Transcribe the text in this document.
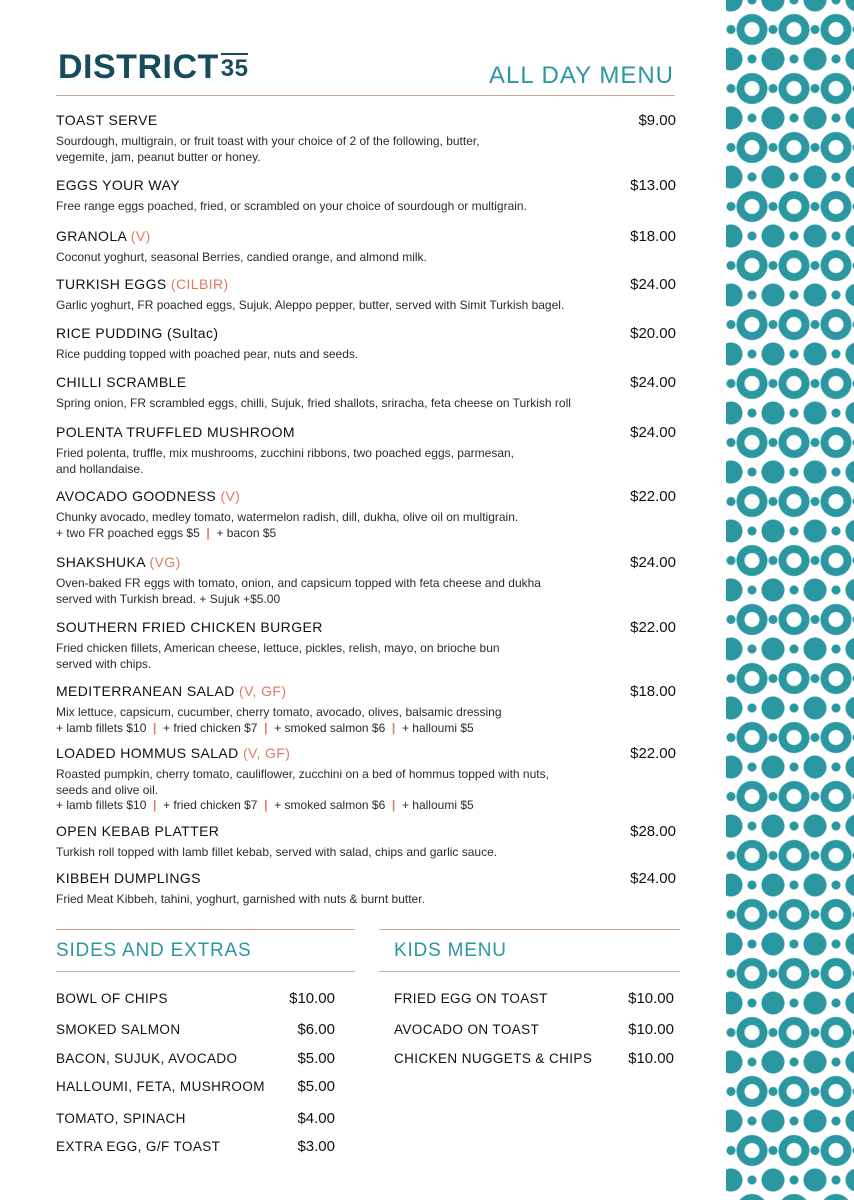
DISTRICT35	ALL DAY MENU
TOAST SERVE	$9.00
Sourdough, multigrain, or fruit toast with your choice of 2 of the following, butter,
vegemite, jam, peanut butter or honey.
EGGS YOUR WAY	$13.00
Free range eggs poached, fried, or scrambled on your choice of sourdough or multigrain.
GRANOLA (V)	$18.00
Coconut yoghurt, seasonal Berries, candied orange, and almond milk.
TURKISH EGGS (CILBIR)	$24.00
Garlic yoghurt, FR poached eggs, Sujuk, Aleppo pepper, butter, served with Simit Turkish bagel.
RICE PUDDING (Sultac)	$20.00
Rice pudding topped with poached pear, nuts and seeds.
CHILLI SCRAMBLE	$24.00
Spring onion, FR scrambled eggs, chilli, Sujuk, fried shallots, sriracha, feta cheese on Turkish roll
POLENTA TRUFFLED MUSHROOM	$24.00
Fried polenta, truffle, mix mushrooms, zucchini ribbons, two poached eggs, parmesan,
and hollandaise.
AVOCADO GOODNESS (V)	$22.00
Chunky avocado, medley tomato, watermelon radish, dill, dukha, olive oil on multigrain.
+ two FR poached eggs $5  |  + bacon $5
SHAKSHUKA (VG)	$24.00
Oven-baked FR eggs with tomato, onion, and capsicum topped with feta cheese and dukha
served with Turkish bread. + Sujuk +$5.00
SOUTHERN FRIED CHICKEN BURGER	$22.00
Fried chicken fillets, American cheese, lettuce, pickles, relish, mayo, on brioche bun
served with chips.
MEDITERRANEAN SALAD (V, GF)	$18.00
Mix lettuce, capsicum, cucumber, cherry tomato, avocado, olives, balsamic dressing
+ lamb fillets $10  |  + fried chicken $7  |  + smoked salmon $6  |  + halloumi $5
LOADED HOMMUS SALAD (V, GF)	$22.00
Roasted pumpkin, cherry tomato, cauliflower, zucchini on a bed of hommus topped with nuts,
seeds and olive oil.
+ lamb fillets $10  |  + fried chicken $7  |  + smoked salmon $6  |  + halloumi $5
OPEN KEBAB PLATTER	$28.00
Turkish roll topped with lamb fillet kebab, served with salad, chips and garlic sauce.
KIBBEH DUMPLINGS	$24.00
Fried Meat Kibbeh, tahini, yoghurt, garnished with nuts & burnt butter.
SIDES AND EXTRAS
BOWL OF CHIPS	$10.00
SMOKED SALMON	$6.00
BACON, SUJUK, AVOCADO	$5.00
HALLOUMI, FETA, MUSHROOM $5.00
TOMATO, SPINACH	$4.00
EXTRA EGG, G/F TOAST	$3.00
KIDS MENU
FRIED EGG ON TOAST	$10.00
AVOCADO ON TOAST	$10.00
CHICKEN NUGGETS & CHIPS $10.00
